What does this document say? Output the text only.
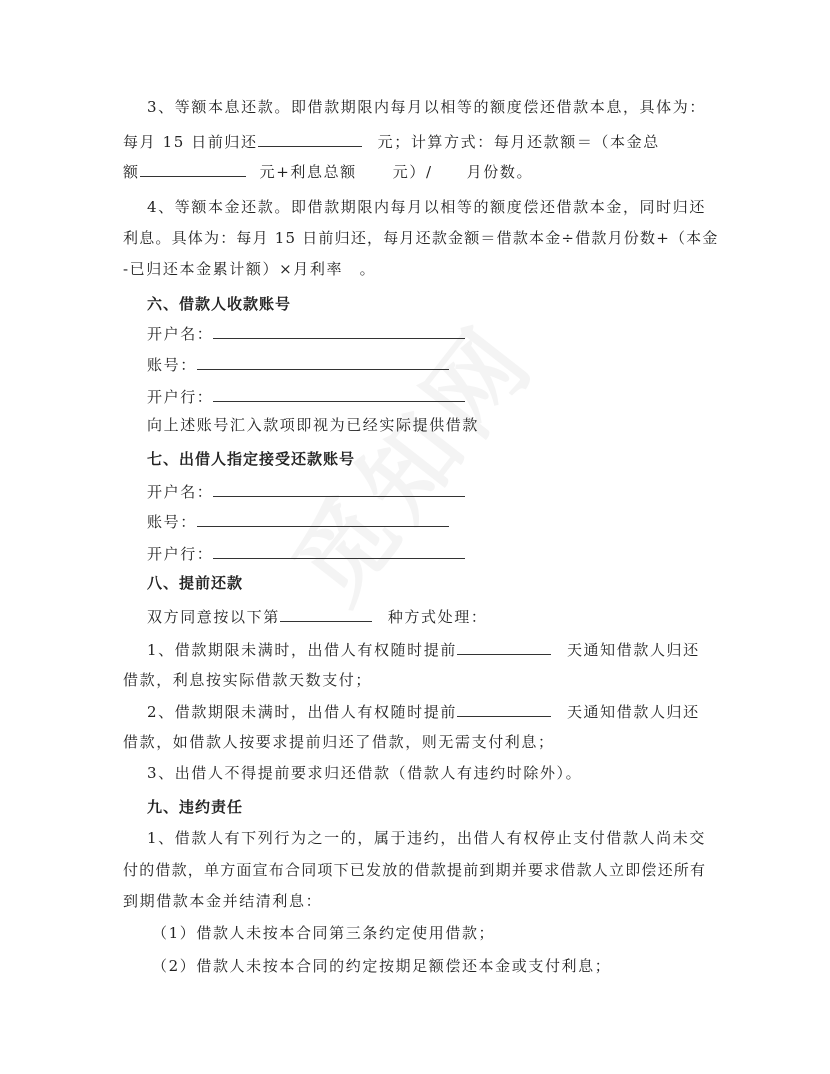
3、等额本息还款。即借款期限内每月以相等的额度偿还借款本息，具体为：
每月 15 日前归还	元；计算方式：每月还款额＝（本金总
额	元+利息总额 元）/ 月份数。
4、等额本金还款。即借款期限内每月以相等的额度偿还借款本金，同时归还
利息。具体为：每月 15 日前归还，每月还款金额＝借款本金÷借款月份数+（本金
-已归还本金累计额）×月利率　。
六、借款人收款账号
开户名：
账号：
开户行：
向上述账号汇入款项即视为已经实际提供借款
七、出借人指定接受还款账号
开户名：
账号：
开户行：
八、提前还款
双方同意按以下第	种方式处理：
1、借款期限未满时，出借人有权随时提前	天通知借款人归还
借款，利息按实际借款天数支付；
2、借款期限未满时，出借人有权随时提前	天通知借款人归还
借款，如借款人按要求提前归还了借款，则无需支付利息；
3、出借人不得提前要求归还借款（借款人有违约时除外）。
九、违约责任
1、借款人有下列行为之一的，属于违约，出借人有权停止支付借款人尚未交
付的借款，单方面宣布合同项下已发放的借款提前到期并要求借款人立即偿还所有
到期借款本金并结清利息：
（1）借款人未按本合同第三条约定使用借款；
（2）借款人未按本合同的约定按期足额偿还本金或支付利息；
